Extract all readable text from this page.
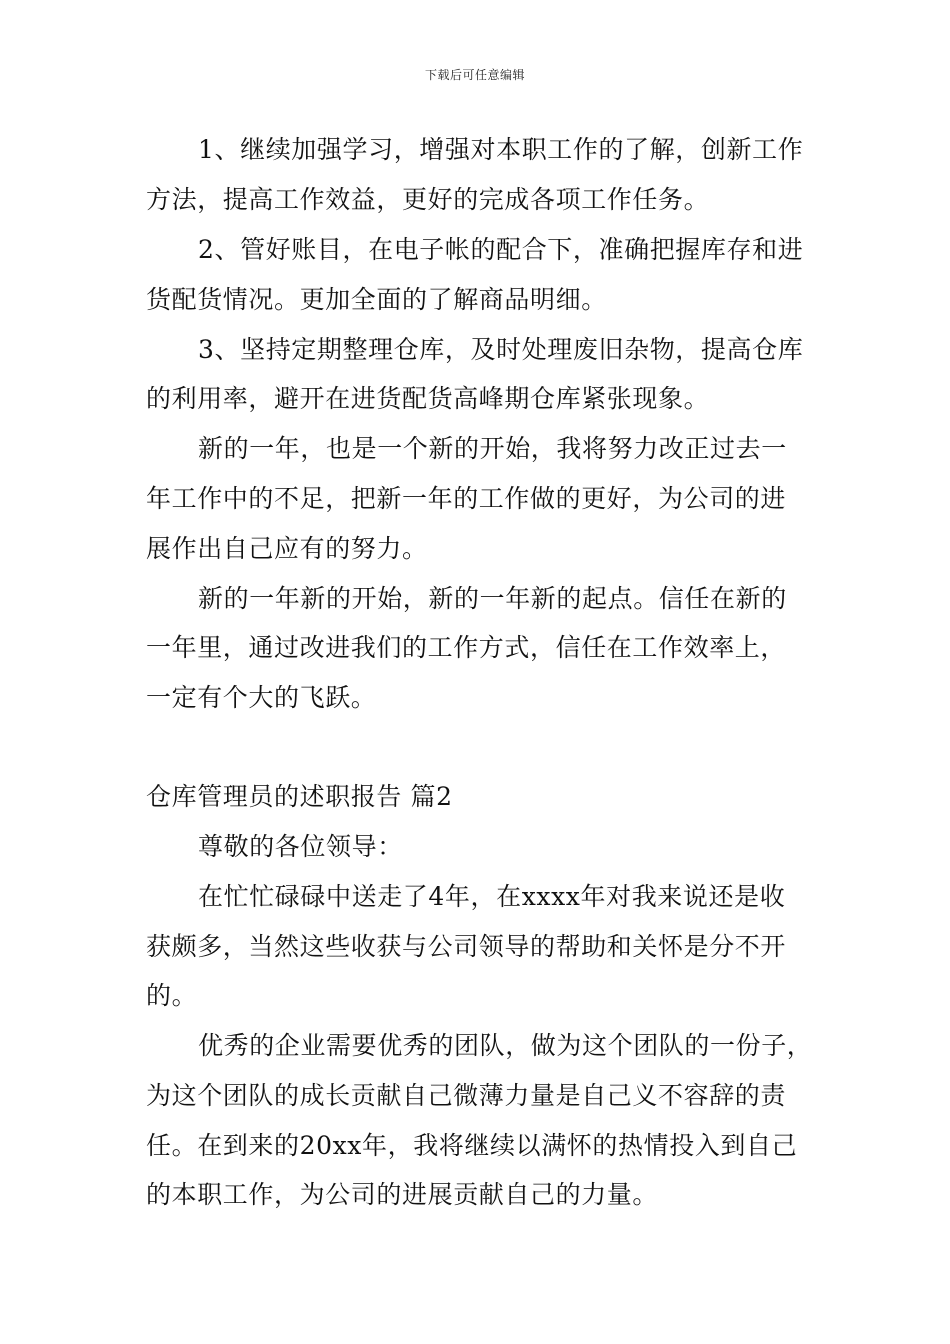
下载后可任意编辑
1、继续加强学习，增强对本职工作的了解，创新工作
方法，提高工作效益，更好的完成各项工作任务。
2、管好账目，在电子帐的配合下，准确把握库存和进
货配货情况。更加全面的了解商品明细。
3、坚持定期整理仓库，及时处理废旧杂物，提高仓库
的利用率，避开在进货配货高峰期仓库紧张现象。
新的一年，也是一个新的开始，我将努力改正过去一
年工作中的不足，把新一年的工作做的更好，为公司的进
展作出自己应有的努力。
新的一年新的开始，新的一年新的起点。信任在新的
一年里，通过改进我们的工作方式，信任在工作效率上，
一定有个大的飞跃。
仓库管理员的述职报告 篇2
尊敬的各位领导：
在忙忙碌碌中送走了4年，在xxxx年对我来说还是收
获颇多，当然这些收获与公司领导的帮助和关怀是分不开
的。
优秀的企业需要优秀的团队，做为这个团队的一份子，
为这个团队的成长贡献自己微薄力量是自己义不容辞的责
任。在到来的20xx年，我将继续以满怀的热情投入到自己
的本职工作，为公司的进展贡献自己的力量。
